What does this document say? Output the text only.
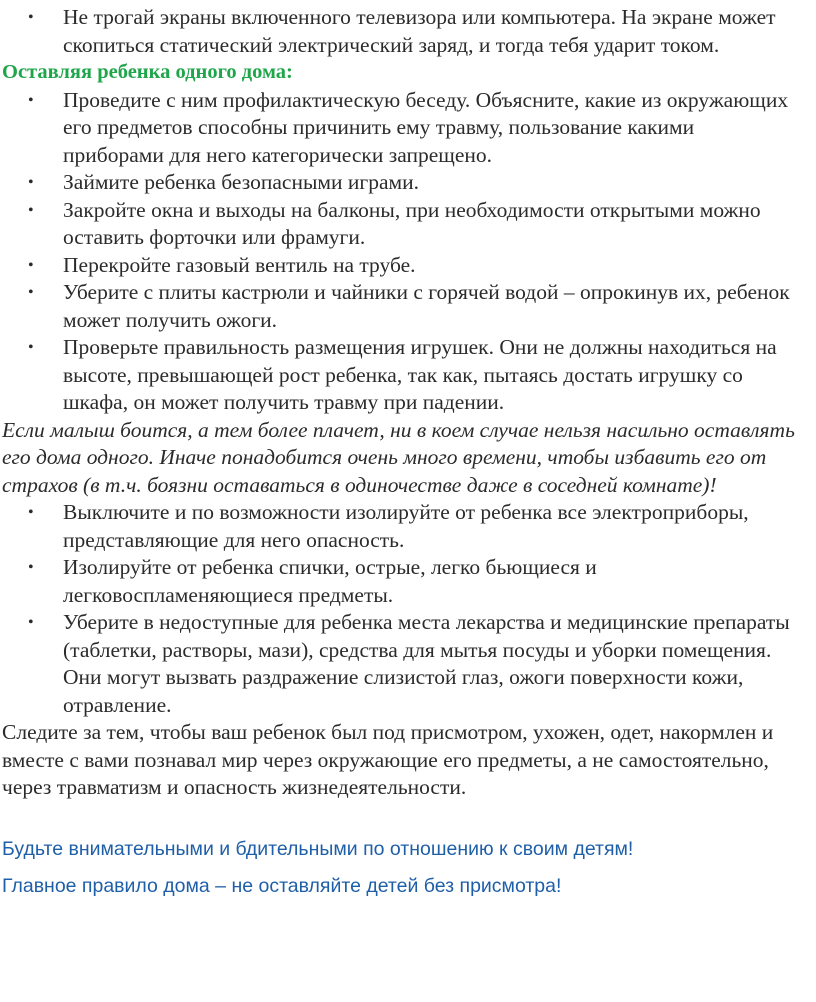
• Не трогай экраны включенного телевизора или компьютера. На экране может скопиться статический электрический заряд, и тогда тебя ударит током.

Оставляя ребенка одного дома:

• Проведите с ним профилактическую беседу. Объясните, какие из окружающих его предметов способны причинить ему травму, пользование какими приборами для него категорически запрещено.
• Займите ребенка безопасными играми.
• Закройте окна и выходы на балконы, при необходимости открытыми можно оставить форточки или фрамуги.
• Перекройте газовый вентиль на трубе.
• Уберите с плиты кастрюли и чайники с горячей водой – опрокинув их, ребенок может получить ожоги.
• Проверьте правильность размещения игрушек. Они не должны находиться на высоте, превышающей рост ребенка, так как, пытаясь достать игрушку со шкафа, он может получить травму при падении.

Если малыш боится, а тем более плачет, ни в коем случае нельзя насильно оставлять его дома одного. Иначе понадобится очень много времени, чтобы избавить его от страхов (в т.ч. боязни оставаться в одиночестве даже в соседней комнате)!

• Выключите и по возможности изолируйте от ребенка все электроприборы, представляющие для него опасность.
• Изолируйте от ребенка спички, острые, легко бьющиеся и легковоспламеняющиеся предметы.
• Уберите в недоступные для ребенка места лекарства и медицинские препараты (таблетки, растворы, мази), средства для мытья посуды и уборки помещения. Они могут вызвать раздражение слизистой глаз, ожоги поверхности кожи, отравление.

Следите за тем, чтобы ваш ребенок был под присмотром, ухожен, одет, накормлен и вместе с вами познавал мир через окружающие его предметы, а не самостоятельно, через травматизм и опасность жизнедеятельности.

Будьте внимательными и бдительными по отношению к своим детям!

Главное правило дома – не оставляйте детей без присмотра!
